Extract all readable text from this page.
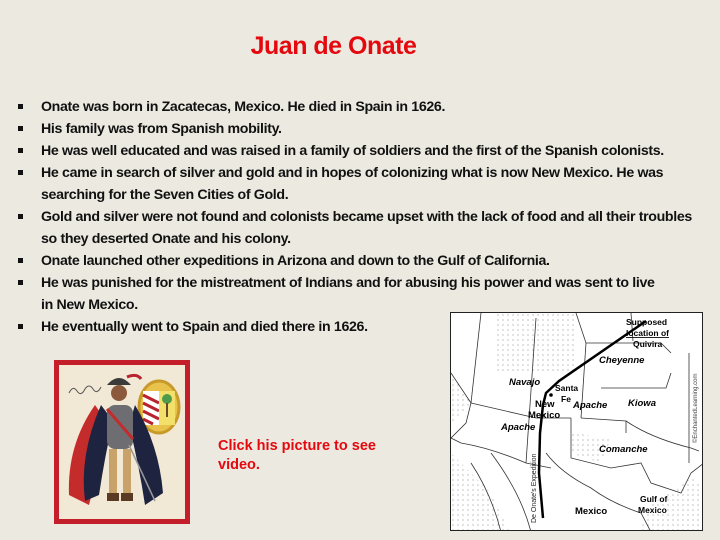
Juan de Onate
Onate was born in Zacatecas, Mexico. He died in Spain in 1626.
His family was from Spanish mobility.
He was well educated and was raised in a family of soldiers and the first of the Spanish colonists.
He came in search of silver and gold and in hopes of colonizing what is now New Mexico. He was searching for the Seven Cities of Gold.
Gold and silver were not found and colonists became upset with the lack of food and all their troubles so they deserted Onate and his colony.
Onate launched other expeditions in Arizona and down to the Gulf of California.
He was punished for the mistreatment of Indians and for abusing his power and was sent to live in New Mexico.
He eventually went to Spain and died there in 1626.
Click his picture to see video.
Supposed
location of
Quivira
Cheyenne
Navajo Santa
Fe
New
Mexico
Apache
Apache
Kiowa
Comanche
Gulf of
Mexico
Mexico
De Onate's Expedition
©EnchantedLearning.com
